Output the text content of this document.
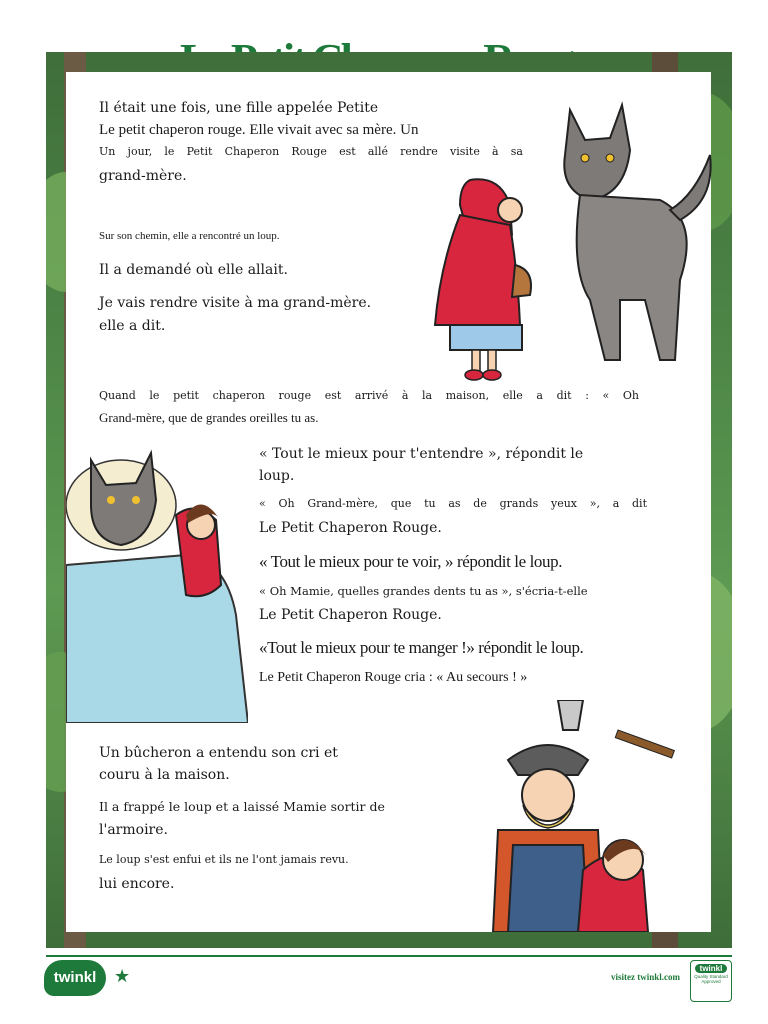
Il était une fois, une fille appelée Petite

Le petit chaperon rouge. Elle vivait avec sa mère. Un

Un jour, le Petit Chaperon Rouge est allé rendre visite à sa

grand-mère.

Sur son chemin, elle a rencontré un loup.

Il a demandé où elle allait.

Je vais rendre visite à ma grand-mère.

elle a dit.

Quand le petit chaperon rouge est arrivé à la maison, elle a dit : « Oh

Grand-mère, que de grandes oreilles tu as.

« Tout le mieux pour t'entendre », répondit le

loup.

« Oh Grand-mère, que tu as de grands yeux », a dit

Le Petit Chaperon Rouge.

« Tout le mieux pour te voir, » répondit le loup.

« Oh Mamie, quelles grandes dents tu as », s'écria-t-elle

Le Petit Chaperon Rouge.

«Tout le mieux pour te manger !» répondit le loup.

Le Petit Chaperon Rouge cria : « Au secours ! »

Un bûcheron a entendu son cri et

couru à la maison.

Il a frappé le loup et a laissé Mamie sortir de

l'armoire.

Le loup s'est enfui et ils ne l'ont jamais revu.

lui encore.

twinkl ★	visitez twinkl.com
twinkl
Quality Standard Approved
